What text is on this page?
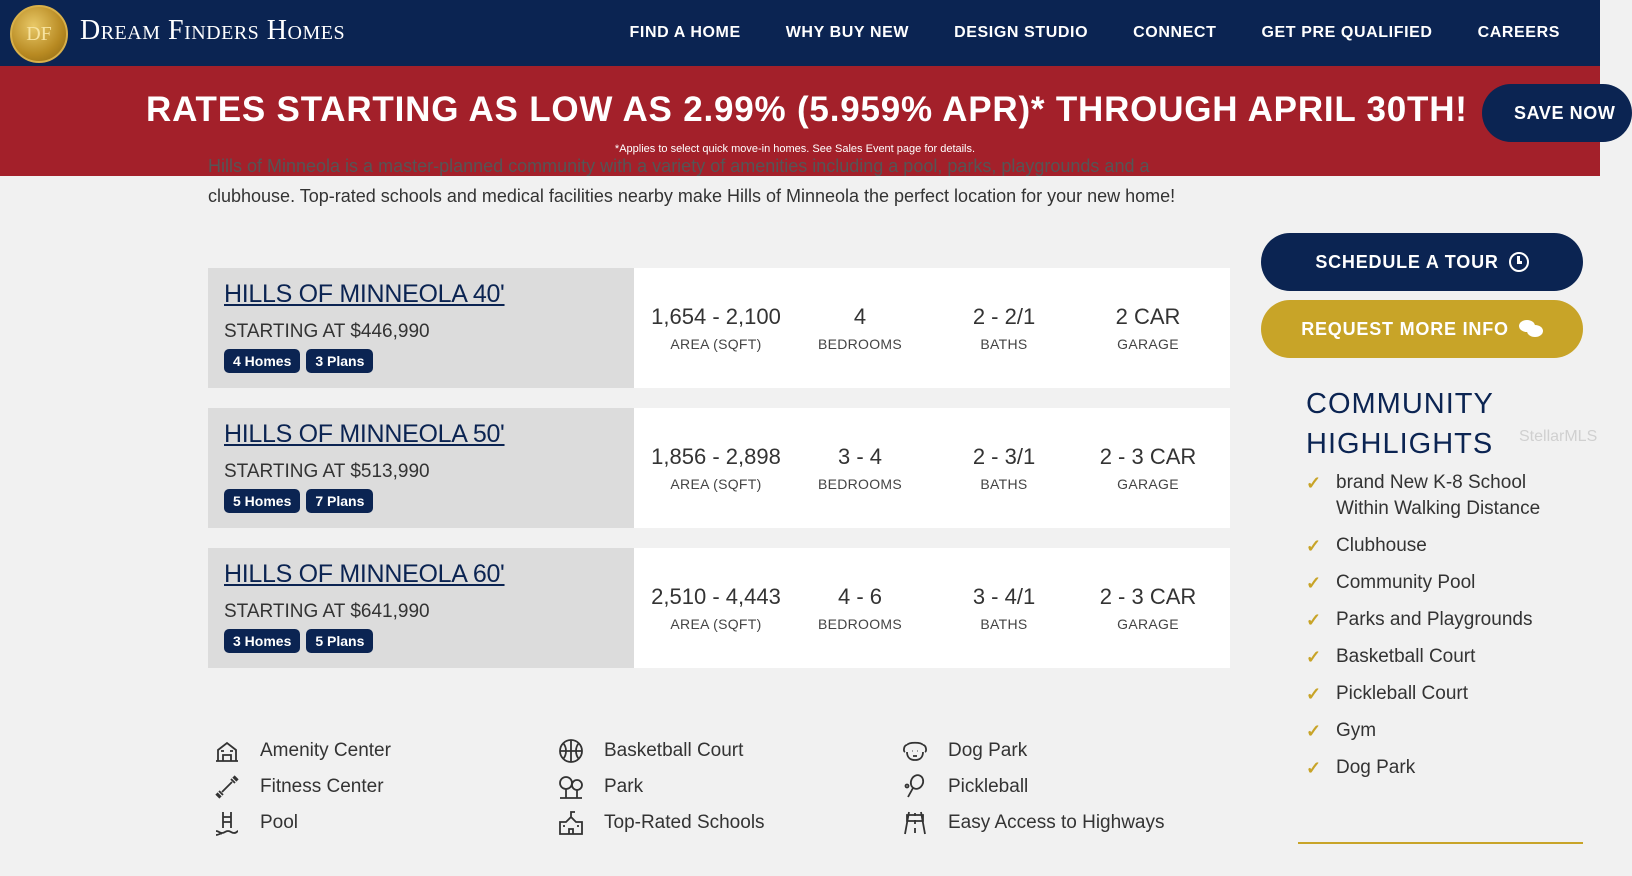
DF Dream Finders Homes	FIND A HOME	WHY BUY NEW	DESIGN STUDIO	CONNECT	GET PRE QUALIFIED	CAREERS
RATES STARTING AS LOW AS 2.99% (5.959% APR)* THROUGH APRIL 30TH!
*Applies to select quick move-in homes. See Sales Event page for details.
SAVE NOW
Hills of Minneola is a master-planned community with a variety of amenities including a pool, parks, playgrounds and a
clubhouse. Top-rated schools and medical facilities nearby make Hills of Minneola the perfect location for your new home!
HILLS OF MINNEOLA 40'
STARTING AT $446,990
4 Homes	3 Plans
1,654 - 2,100
AREA (SQFT)
4
BEDROOMS
2 - 2/1
BATHS
2 CAR
GARAGE
HILLS OF MINNEOLA 50'
STARTING AT $513,990
5 Homes	7 Plans
1,856 - 2,898
AREA (SQFT)
3 - 4
BEDROOMS
2 - 3/1
BATHS
2 - 3 CAR
GARAGE
HILLS OF MINNEOLA 60'
STARTING AT $641,990
3 Homes	5 Plans
2,510 - 4,443
AREA (SQFT)
4 - 6
BEDROOMS
3 - 4/1
BATHS
2 - 3 CAR
GARAGE
SCHEDULE A TOUR
REQUEST MORE INFO
COMMUNITY
HIGHLIGHTS StellarMLS
✓ brand New K-8 School Within Walking Distance
✓ Clubhouse
✓ Community Pool
✓ Parks and Playgrounds
✓ Basketball Court
✓ Pickleball Court
✓ Gym
✓ Dog Park
Amenity Center
Fitness Center
Pool
Basketball Court
Park
Top-Rated Schools
Dog Park
Pickleball
Easy Access to Highways
